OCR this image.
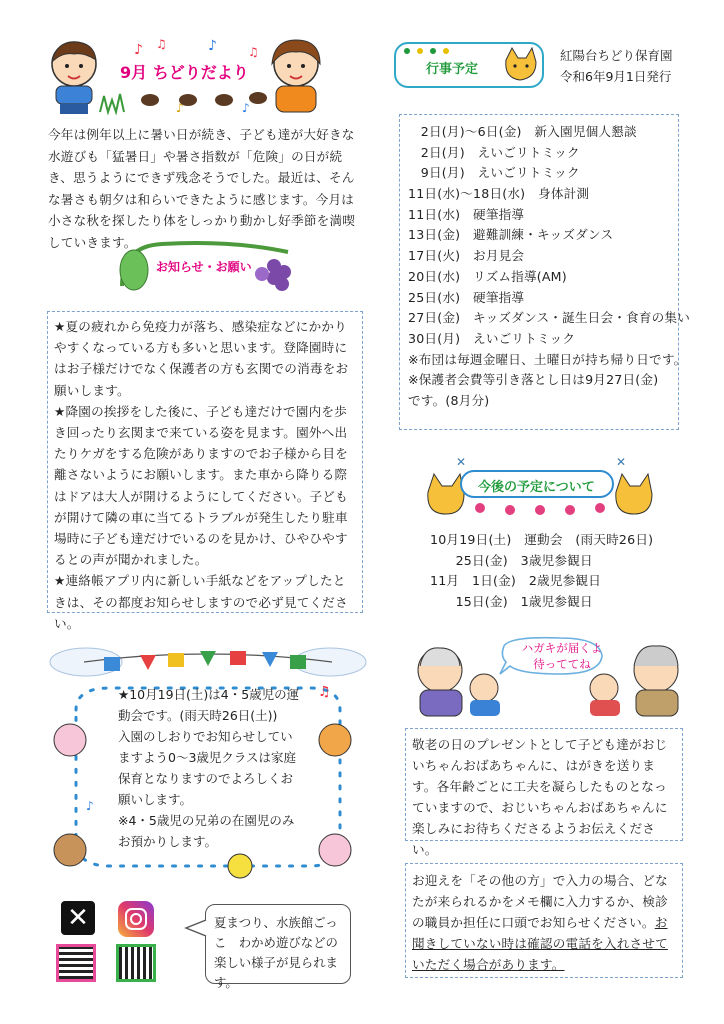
♪ ♫	♪	♫
♪	♪
9月 ちどりだより	行事予定
紅陽台ちどり保育園
令和6年9月1日発行
今年は例年以上に暑い日が続き、子ども達が大好きな水遊びも「猛暑日」や暑さ指数が「危険」の日が続き、思うようにできず残念そうでした。最近は、そんな暑さも朝夕は和らいできたように感じます。今月は小さな秋を探したり体をしっかり動かし好季節を満喫していきます。
お知らせ・お願い
★夏の疲れから免疫力が落ち、感染症などにかかりやすくなっている方も多いと思います。登降園時にはお子様だけでなく保護者の方も玄関での消毒をお願いします。
★降園の挨拶をした後に、子ども達だけで園内を歩き回ったり玄関まで来ている姿を見ます。園外へ出たりケガをする危険がありますのでお子様から目を離さないようにお願いします。また車から降りる際はドアは大人が開けるようにしてください。子どもが開けて隣の車に当てるトラブルが発生したり駐車場時に子ども達だけでいるのを見かけ、ひやひやするとの声が聞かれました。
★連絡帳アプリ内に新しい手紙などをアップしたときは、その都度お知らせしますので必ず見てください。
　2日(月)～6日(金)　新入園児個人懇談
　2日(月)　えいごリトミック
　9日(月)　えいごリトミック
11日(水)～18日(水)　身体計測
11日(水)　硬筆指導
13日(金)　避難訓練・キッズダンス
17日(火)　お月見会
20日(水)　リズム指導(AM)
25日(水)　硬筆指導
27日(金)　キッズダンス・誕生日会・食育の集い
30日(月)　えいごリトミック
※布団は毎週金曜日、土曜日が持ち帰り日です。
※保護者会費等引き落とし日は9月27日(金)
です。(8月分)
✕	✕
今後の予定について
10月19日(土)　運動会　(雨天時26日)
　　25日(金)　3歳児参観日
11月　1日(金)　2歳児参観日
　　15日(金)　1歳児参観日
♫
♪
★10月19日(土)は4・5歳児の運動会です。(雨天時26日(土))
入園のしおりでお知らせしていますよう0～3歳児クラスは家庭保育となりますのでよろしくお願いします。
※4・5歳児の兄弟の在園児のみお預かりします。
✕	夏まつり、水族館ごっこ　わかめ遊びなどの楽しい様子が見られます。
ハガキが届くよ
待っててね
敬老の日のプレゼントとして子ども達がおじいちゃんおばあちゃんに、はがきを送ります。各年齢ごとに工夫を凝らしたものとなっていますので、おじいちゃんおばあちゃんに楽しみにお待ちくださるようお伝えください。
お迎えを「その他の方」で入力の場合、どなたが来られるかをメモ欄に入力するか、検診の職員か担任に口頭でお知らせください。お聞きしていない時は確認の電話を入れさせていただく場合があります。
